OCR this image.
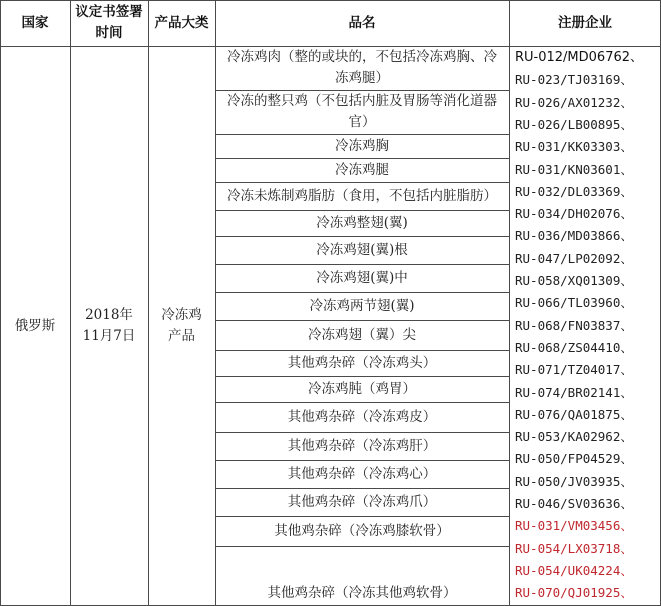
国家
议定书签署时间
产品大类	品名	注册企业
俄罗斯
2018年11月7日
冷冻鸡产品
冷冻鸡肉（整的或块的，不包括冷冻鸡胸、冷冻鸡腿）
冷冻的整只鸡（不包括内脏及胃肠等消化道器官）
冷冻鸡胸
冷冻鸡腿
冷冻未炼制鸡脂肪（食用，不包括内脏脂肪）
冷冻鸡整翅(翼)
冷冻鸡翅(翼)根
冷冻鸡翅(翼)中
冷冻鸡两节翅(翼)
冷冻鸡翅（翼）尖
其他鸡杂碎（冷冻鸡头）
冷冻鸡肫（鸡胃）
其他鸡杂碎（冷冻鸡皮）
其他鸡杂碎（冷冻鸡肝）
其他鸡杂碎（冷冻鸡心）
其他鸡杂碎（冷冻鸡爪）
其他鸡杂碎（冷冻鸡膝软骨）
其他鸡杂碎（冷冻其他鸡软骨）
RU-012/MD06762、
RU-023/TJ03169、
RU-026/AX01232、
RU-026/LB00895、
RU-031/KK03303、
RU-031/KN03601、
RU-032/DL03369、
RU-034/DH02076、
RU-036/MD03866、
RU-047/LP02092、
RU-058/XQ01309、
RU-066/TL03960、
RU-068/FN03837、
RU-068/ZS04410、
RU-071/TZ04017、
RU-074/BR02141、
RU-076/QA01875、
RU-053/KA02962、
RU-050/FP04529、
RU-050/JV03935、
RU-046/SV03636、
RU-031/VM03456、
RU-054/LX03718、
RU-054/UK04224、
RU-070/QJ01925、
